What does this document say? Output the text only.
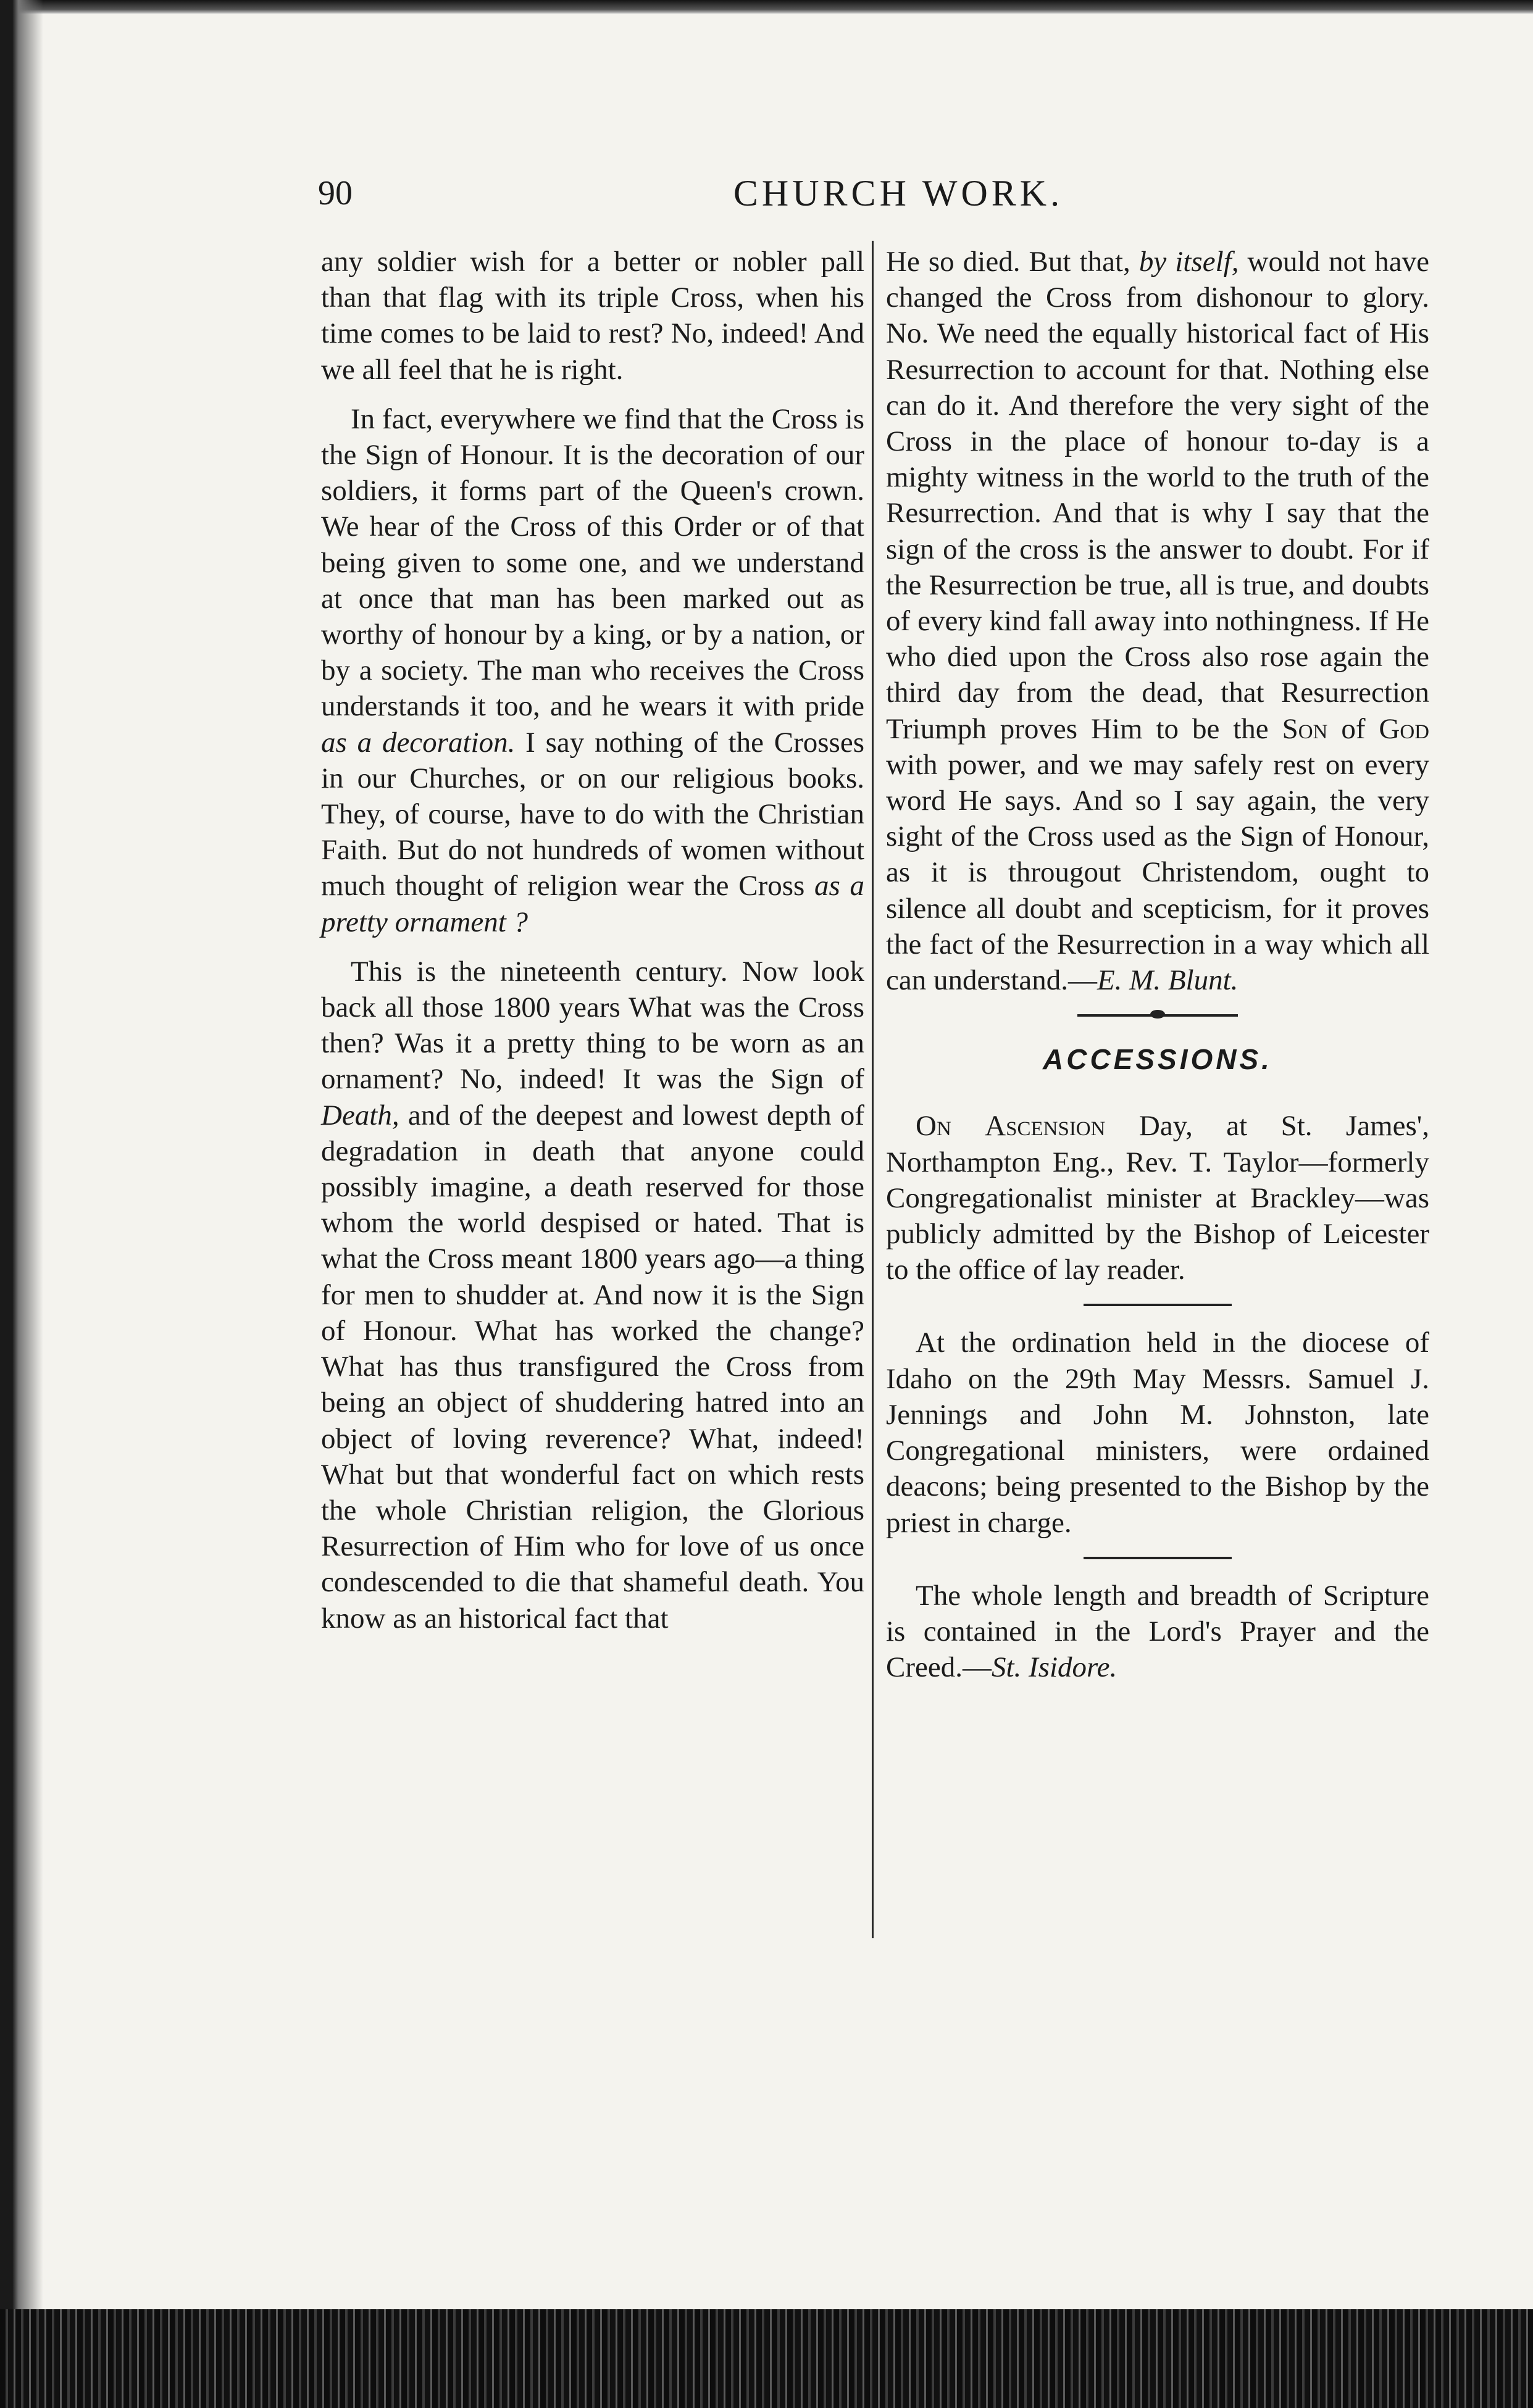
90	CHURCH WORK.

any soldier wish for a better or nobler pall than that flag with its triple Cross, when his time comes to be laid to rest? No, indeed! And we all feel that he is right.

In fact, everywhere we find that the Cross is the Sign of Honour. It is the decoration of our soldiers, it forms part of the Queen's crown. We hear of the Cross of this Order or of that being given to some one, and we understand at once that man has been marked out as worthy of honour by a king, or by a nation, or by a society. The man who receives the Cross understands it too, and he wears it with pride as a decoration. I say nothing of the Crosses in our Churches, or on our religious books. They, of course, have to do with the Christian Faith. But do not hundreds of women without much thought of religion wear the Cross as a pretty ornament ?

This is the nineteenth century. Now look back all those 1800 years What was the Cross then? Was it a pretty thing to be worn as an ornament? No, indeed! It was the Sign of Death, and of the deepest and lowest depth of degradation in death that anyone could possibly imagine, a death reserved for those whom the world despised or hated. That is what the Cross meant 1800 years ago—a thing for men to shudder at. And now it is the Sign of Honour. What has worked the change? What has thus transfigured the Cross from being an object of shuddering hatred into an object of loving reverence? What, indeed! What but that wonderful fact on which rests the whole Christian religion, the Glorious Resurrection of Him who for love of us once condescended to die that shameful death. You know as an historical fact that

He so died. But that, by itself, would not have changed the Cross from dishonour to glory. No. We need the equally historical fact of His Resurrection to account for that. Nothing else can do it. And therefore the very sight of the Cross in the place of honour to-day is a mighty witness in the world to the truth of the Resurrection. And that is why I say that the sign of the cross is the answer to doubt. For if the Resurrection be true, all is true, and doubts of every kind fall away into nothingness. If He who died upon the Cross also rose again the third day from the dead, that Resurrection Triumph proves Him to be the Son of God with power, and we may safely rest on every word He says. And so I say again, the very sight of the Cross used as the Sign of Honour, as it is througout Christendom, ought to silence all doubt and scepticism, for it proves the fact of the Resurrection in a way which all can understand.—E. M. Blunt.

ACCESSIONS.

On Ascension Day, at St. James', Northampton Eng., Rev. T. Taylor—formerly Congregationalist minister at Brackley—was publicly admitted by the Bishop of Leicester to the office of lay reader.

At the ordination held in the diocese of Idaho on the 29th May Messrs. Samuel J. Jennings and John M. Johnston, late Congregational ministers, were ordained deacons; being presented to the Bishop by the priest in charge.

The whole length and breadth of Scripture is contained in the Lord's Prayer and the Creed.—St. Isidore.
